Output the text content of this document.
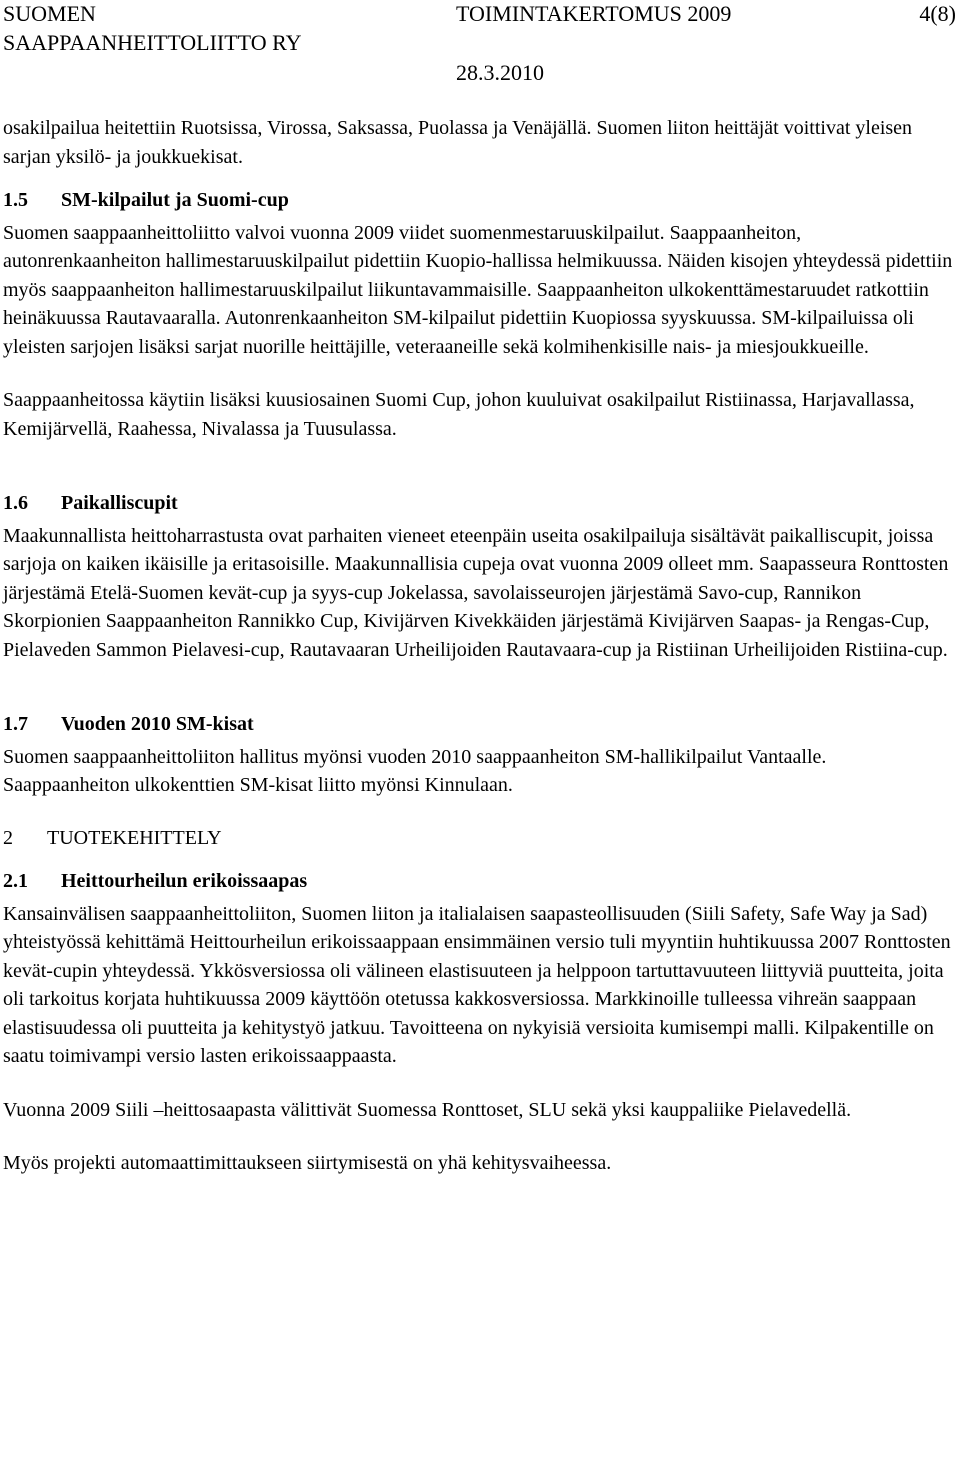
SUOMEN
SAAPPAANHEITTOLIITTO RY
TOIMINTAKERTOMUS 2009
28.3.2010
4(8)

osakilpailua heitettiin Ruotsissa, Virossa, Saksassa, Puolassa ja Venäjällä. Suomen liiton heittäjät voittivat yleisen sarjan yksilö- ja joukkuekisat.

1.5 SM-kilpailut ja Suomi-cup

Suomen saappaanheittoliitto valvoi vuonna 2009 viidet suomenmestaruuskilpailut. Saappaanheiton, autonrenkaanheiton hallimestaruuskilpailut pidettiin Kuopio-hallissa helmikuussa. Näiden kisojen yhteydessä pidettiin myös saappaanheiton hallimestaruuskilpailut liikuntavammaisille. Saappaanheiton ulkokenttämestaruudet ratkottiin heinäkuussa Rautavaaralla. Autonrenkaanheiton SM-kilpailut pidettiin Kuopiossa syyskuussa. SM-kilpailuissa oli yleisten sarjojen lisäksi sarjat nuorille heittäjille, veteraaneille sekä kolmihenkisille nais- ja miesjoukkueille.

Saappaanheitossa käytiin lisäksi kuusiosainen Suomi Cup, johon kuuluivat osakilpailut Ristiinassa, Harjavallassa, Kemijärvellä, Raahessa, Nivalassa ja Tuusulassa.

1.6 Paikalliscupit

Maakunnallista heittoharrastusta ovat parhaiten vieneet eteenpäin useita osakilpailuja sisältävät paikalliscupit, joissa sarjoja on kaiken ikäisille ja eritasoisille. Maakunnallisia cupeja ovat vuonna 2009 olleet mm. Saapasseura Ronttosten järjestämä Etelä-Suomen kevät-cup ja syys-cup Jokelassa, savolaisseurojen järjestämä Savo-cup, Rannikon Skorpionien Saappaanheiton Rannikko Cup, Kivijärven Kivekkäiden järjestämä Kivijärven Saapas- ja Rengas-Cup, Pielaveden Sammon Pielavesi-cup, Rautavaaran Urheilijoiden Rautavaara-cup ja Ristiinan Urheilijoiden Ristiina-cup.

1.7 Vuoden 2010 SM-kisat

Suomen saappaanheittoliiton hallitus myönsi vuoden 2010 saappaanheiton SM-hallikilpailut Vantaalle. Saappaanheiton ulkokenttien SM-kisat liitto myönsi Kinnulaan.

2 TUOTEKEHITTELY
2.1 Heittourheilun erikoissaapas

Kansainvälisen saappaanheittoliiton, Suomen liiton ja italialaisen saapasteollisuuden (Siili Safety, Safe Way ja Sad) yhteistyössä kehittämä Heittourheilun erikoissaappaan ensimmäinen versio tuli myyntiin huhtikuussa 2007 Ronttosten kevät-cupin yhteydessä. Ykkösversiossa oli välineen elastisuuteen ja helppoon tartuttavuuteen liittyviä puutteita, joita oli tarkoitus korjata huhtikuussa 2009 käyttöön otetussa kakkosversiossa. Markkinoille tulleessa vihreän saappaan elastisuudessa oli puutteita ja kehitystyö jatkuu. Tavoitteena on nykyisiä versioita kumisempi malli. Kilpakentille on saatu toimivampi versio lasten erikoissaappaasta.

Vuonna 2009 Siili –heittosaapasta välittivät Suomessa Ronttoset, SLU sekä yksi kauppaliike Pielavedellä.

Myös projekti automaattimittaukseen siirtymisestä on yhä kehitysvaiheessa.
